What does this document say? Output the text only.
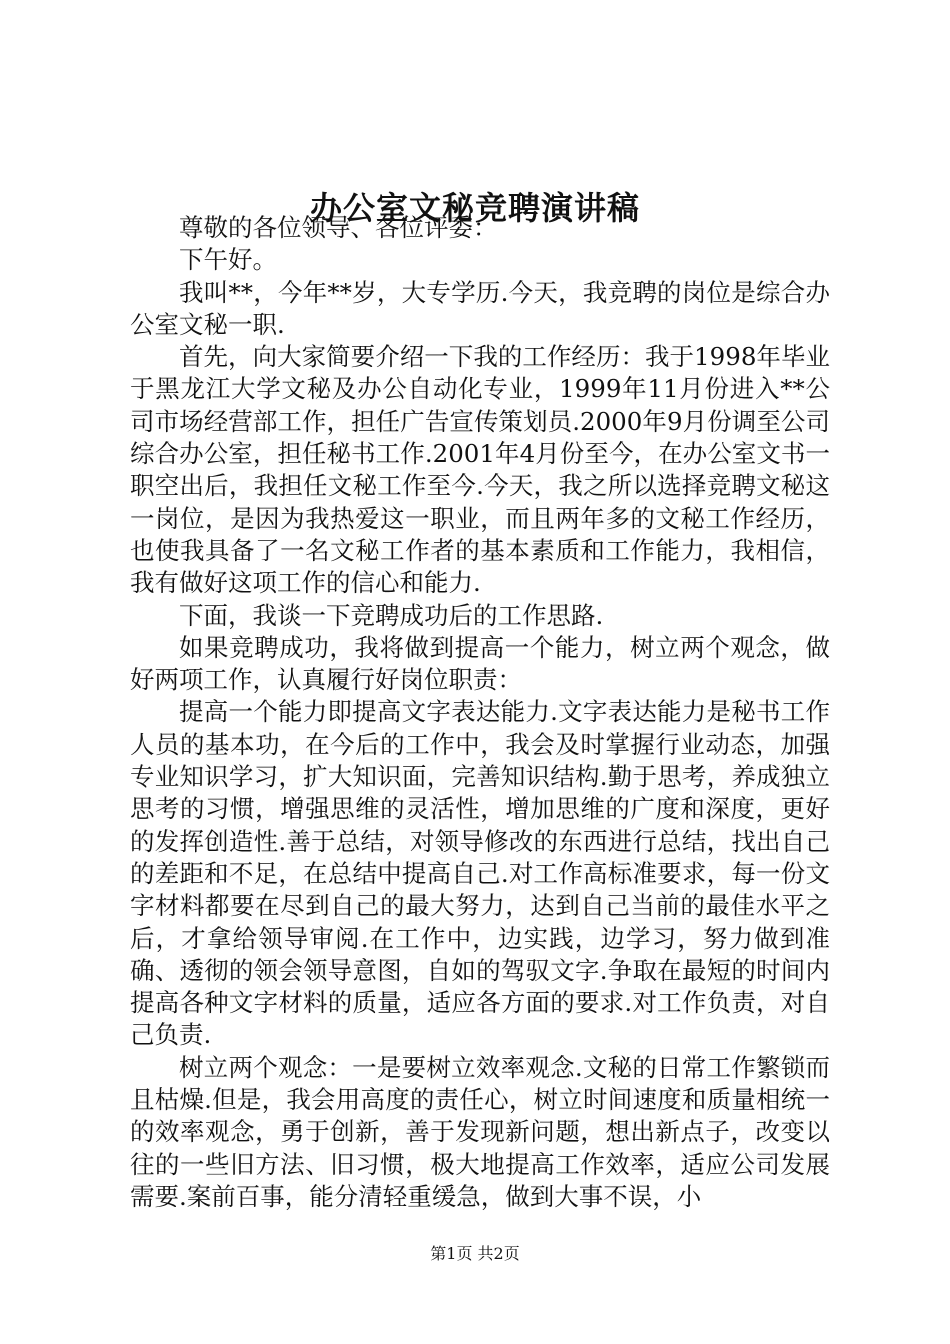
办公室文秘竞聘演讲稿

尊敬的各位领导、各位评委：

下午好。

我叫**，今年**岁，大专学历.今天，我竞聘的岗位是综合办公室文秘一职.

首先，向大家简要介绍一下我的工作经历：我于1998年毕业于黑龙江大学文秘及办公自动化专业，1999年11月份进入**公司市场经营部工作，担任广告宣传策划员.2000年9月份调至公司综合办公室，担任秘书工作.2001年4月份至今，在办公室文书一职空出后，我担任文秘工作至今.今天，我之所以选择竞聘文秘这一岗位，是因为我热爱这一职业，而且两年多的文秘工作经历，也使我具备了一名文秘工作者的基本素质和工作能力，我相信，我有做好这项工作的信心和能力.

下面，我谈一下竞聘成功后的工作思路.

如果竞聘成功，我将做到提高一个能力，树立两个观念，做好两项工作，认真履行好岗位职责：

提高一个能力即提高文字表达能力.文字表达能力是秘书工作人员的基本功，在今后的工作中，我会及时掌握行业动态，加强专业知识学习，扩大知识面，完善知识结构.勤于思考，养成独立思考的习惯，增强思维的灵活性，增加思维的广度和深度，更好的发挥创造性.善于总结，对领导修改的东西进行总结，找出自己的差距和不足，在总结中提高自己.对工作高标准要求，每一份文字材料都要在尽到自己的最大努力，达到自己当前的最佳水平之后，才拿给领导审阅.在工作中，边实践，边学习，努力做到准确、透彻的领会领导意图，自如的驾驭文字.争取在最短的时间内提高各种文字材料的质量，适应各方面的要求.对工作负责，对自己负责.

树立两个观念：一是要树立效率观念.文秘的日常工作繁锁而且枯燥.但是，我会用高度的责任心，树立时间速度和质量相统一的效率观念，勇于创新，善于发现新问题，想出新点子，改变以往的一些旧方法、旧习惯，极大地提高工作效率，适应公司发展需要.案前百事，能分清轻重缓急，做到大事不误，小

第1页 共2页
